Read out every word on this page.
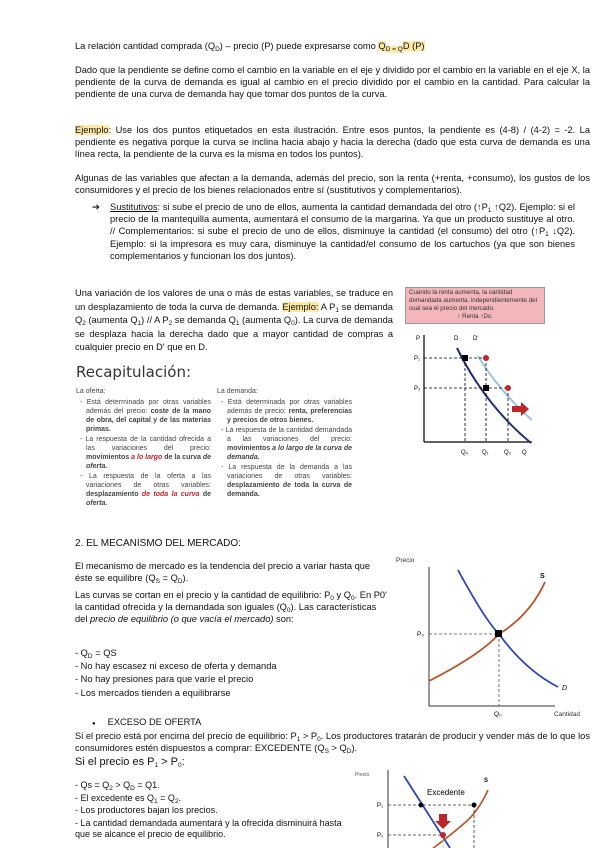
La relación cantidad comprada $(Q_D)$ – precio (P) puede expresarse como $Q_{D = Q}D$ (P)
Dado que la pendiente se define como el cambio en la variable en el eje y dividido por el cambio en la variable en el eje X, la pendiente de la curva de demanda es igual al cambio en el precio dividido por el cambio en la cantidad. Para calcular la pendiente de una curva de demanda hay que tomar dos puntos de la curva.
Ejemplo: Use los dos puntos etiquetados en esta ilustración. Entre esos puntos, la pendiente es (4-8) / (4-2) = -2. La pendiente es negativa porque la curva se inclina hacia abajo y hacia la derecha (dado que esta curva de demanda es una línea recta, la pendiente de la curva es la misma en todos los puntos).
Algunas de las variables que afectan a la demanda, además del precio, son la renta (+renta, +consumo), los gustos de los consumidores y el precio de los bienes relacionados entre sí (sustitutivos y complementarios).
➔ Sustitutivos: si sube el precio de uno de ellos, aumenta la cantidad demandada del otro ($↑P_1$ ↑Q2). Ejemplo: si el precio de la mantequilla aumenta, aumentará el consumo de la margarina. Ya que un producto sustituye al otro. // Complementarios: si sube el precio de uno de ellos, disminuye la cantidad (el consumo) del otro ($↑P_1$ ↓Q2). Ejemplo: si la impresora es muy cara, disminuye la cantidad/el consumo de los cartuchos (ya que son bienes complementarios y funcionan los dos juntos).
Una variación de los valores de una o más de estas variables, se traduce en un desplazamiento de toda la curva de demanda. Ejemplo: A $P_1$ se demanda $Q_2$ (aumenta $Q_1$) // A $P_2$ se demanda $Q_1$ (aumenta $Q_0$). La curva de demanda se desplaza hacia la derecha dado que a mayor cantidad de compras a cualquier precio en D' que en D.
Cuando la renta aumenta, la cantidad demandada aumenta, independientemente del cual sea el precio del mercado.
↑ Renta ↑Dx.
P	D D'
P₁
P₂
Q₀ Q₁	Q₂ Q
Recapitulación:
La oferta:
- Está determinada por otras variables además del precio: coste de la mano de obra, del capital y de las materias primas.
- La respuesta de la cantidad ofrecida a las variaciones del precio: movimientos a lo largo de la curva de oferta.
- La respuesta de la oferta a las variaciones de otras variables: desplazamiento de toda la curva de oferta.
La demanda:
- Está determinada por otras variables además de precio: renta, preferencias y precios de otros bienes.
- La respuesta de la cantidad demandada a las variaciones del precio: movimientos a lo largo de la curva de demanda.
- La respuesta de la demanda a las variaciones de otras variables: desplazamiento de toda la curva de demanda.
2. EL MECANISMO DEL MERCADO:
El mecanismo de mercado es la tendencia del precio a variar hasta que éste se equilibre $(Q_S = Q_D)$.
Las curvas se cortan en el precio y la cantidad de equilibrio: $P_0$ y $Q_0$. En P0' la cantidad ofrecida y la demandada son iguales $(Q_0)$. Las características del precio de equilibrio (o que vacía el mercado) son:
- $Q_D$ = QS
- No hay escasez ni exceso de oferta y demanda
- No hay presiones para que varíe el precio
- Los mercados tienden a equilibrarse
Precio
S
D
P₀
Q₀	Cantidad
● EXCESO DE OFERTA
Si el precio está por encima del precio de equilibrio: $P_1 > P_0$. Los productores tratarán de producir y vender más de lo que los consumidores estén dispuestos a comprar: EXCEDENTE $(Q_S > Q_D)$.
Si el precio es $P_1 > P_0$:
- $Qs = Q_2 > Q_D = Q1$.
- El excedente es $Q_1 = Q_2$.
- Los productores bajan los precios.
- La cantidad demandada aumentará y la ofrecida disminuirá hasta que se alcance el precio de equilibrio.
Precio
S
Excedente
P₁
P₀
